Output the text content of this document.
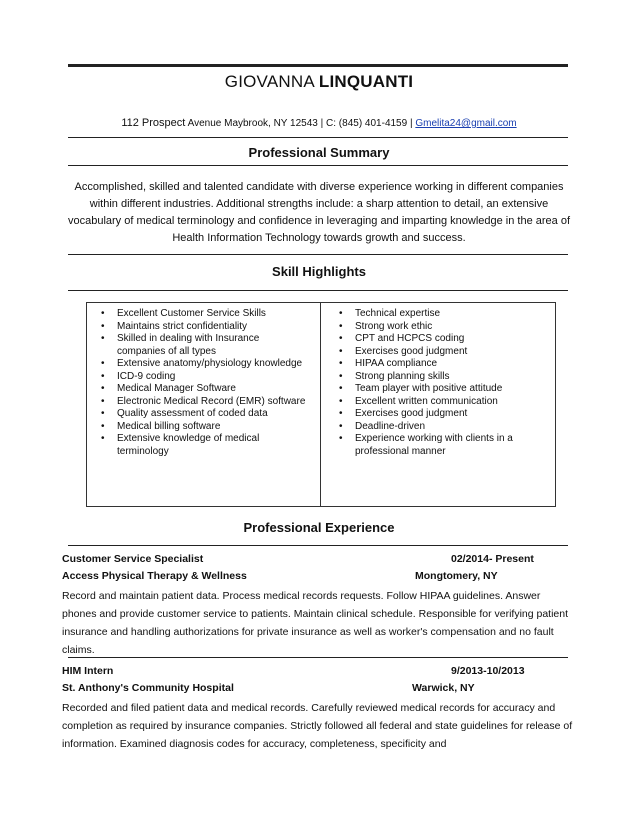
GIOVANNA LINQUANTI
112 Prospect Avenue Maybrook, NY 12543 | C: (845) 401-4159 | Gmelita24@gmail.com
Professional Summary
Accomplished, skilled and talented candidate with diverse experience working in different companies within different industries. Additional strengths include: a sharp attention to detail, an extensive vocabulary of medical terminology and confidence in leveraging and imparting knowledge in the area of Health Information Technology towards growth and success.
Skill Highlights
• Excellent Customer Service Skills
• Maintains strict confidentiality
• Skilled in dealing with Insurance companies of all types
• Extensive anatomy/physiology knowledge
• ICD-9 coding
• Medical Manager Software
• Electronic Medical Record (EMR) software
• Quality assessment of coded data
• Medical billing software
• Extensive knowledge of medical terminology
• Technical expertise
• Strong work ethic
• CPT and HCPCS coding
• Exercises good judgment
• HIPAA compliance
• Strong planning skills
• Team player with positive attitude
• Excellent written communication
• Exercises good judgment
• Deadline-driven
• Experience working with clients in a professional manner
Professional Experience
Customer Service Specialist	02/2014- Present
Access Physical Therapy & Wellness	Mongtomery, NY
Record and maintain patient data. Process medical records requests. Follow HIPAA guidelines. Answer phones and provide customer service to patients. Maintain clinical schedule. Responsible for verifying patient insurance and handling authorizations for private insurance as well as worker's compensation and no fault claims.
HIM Intern	9/2013-10/2013
St. Anthony's Community Hospital	Warwick, NY
Recorded and filed patient data and medical records. Carefully reviewed medical records for accuracy and completion as required by insurance companies. Strictly followed all federal and state guidelines for release of information. Examined diagnosis codes for accuracy, completeness, specificity and
